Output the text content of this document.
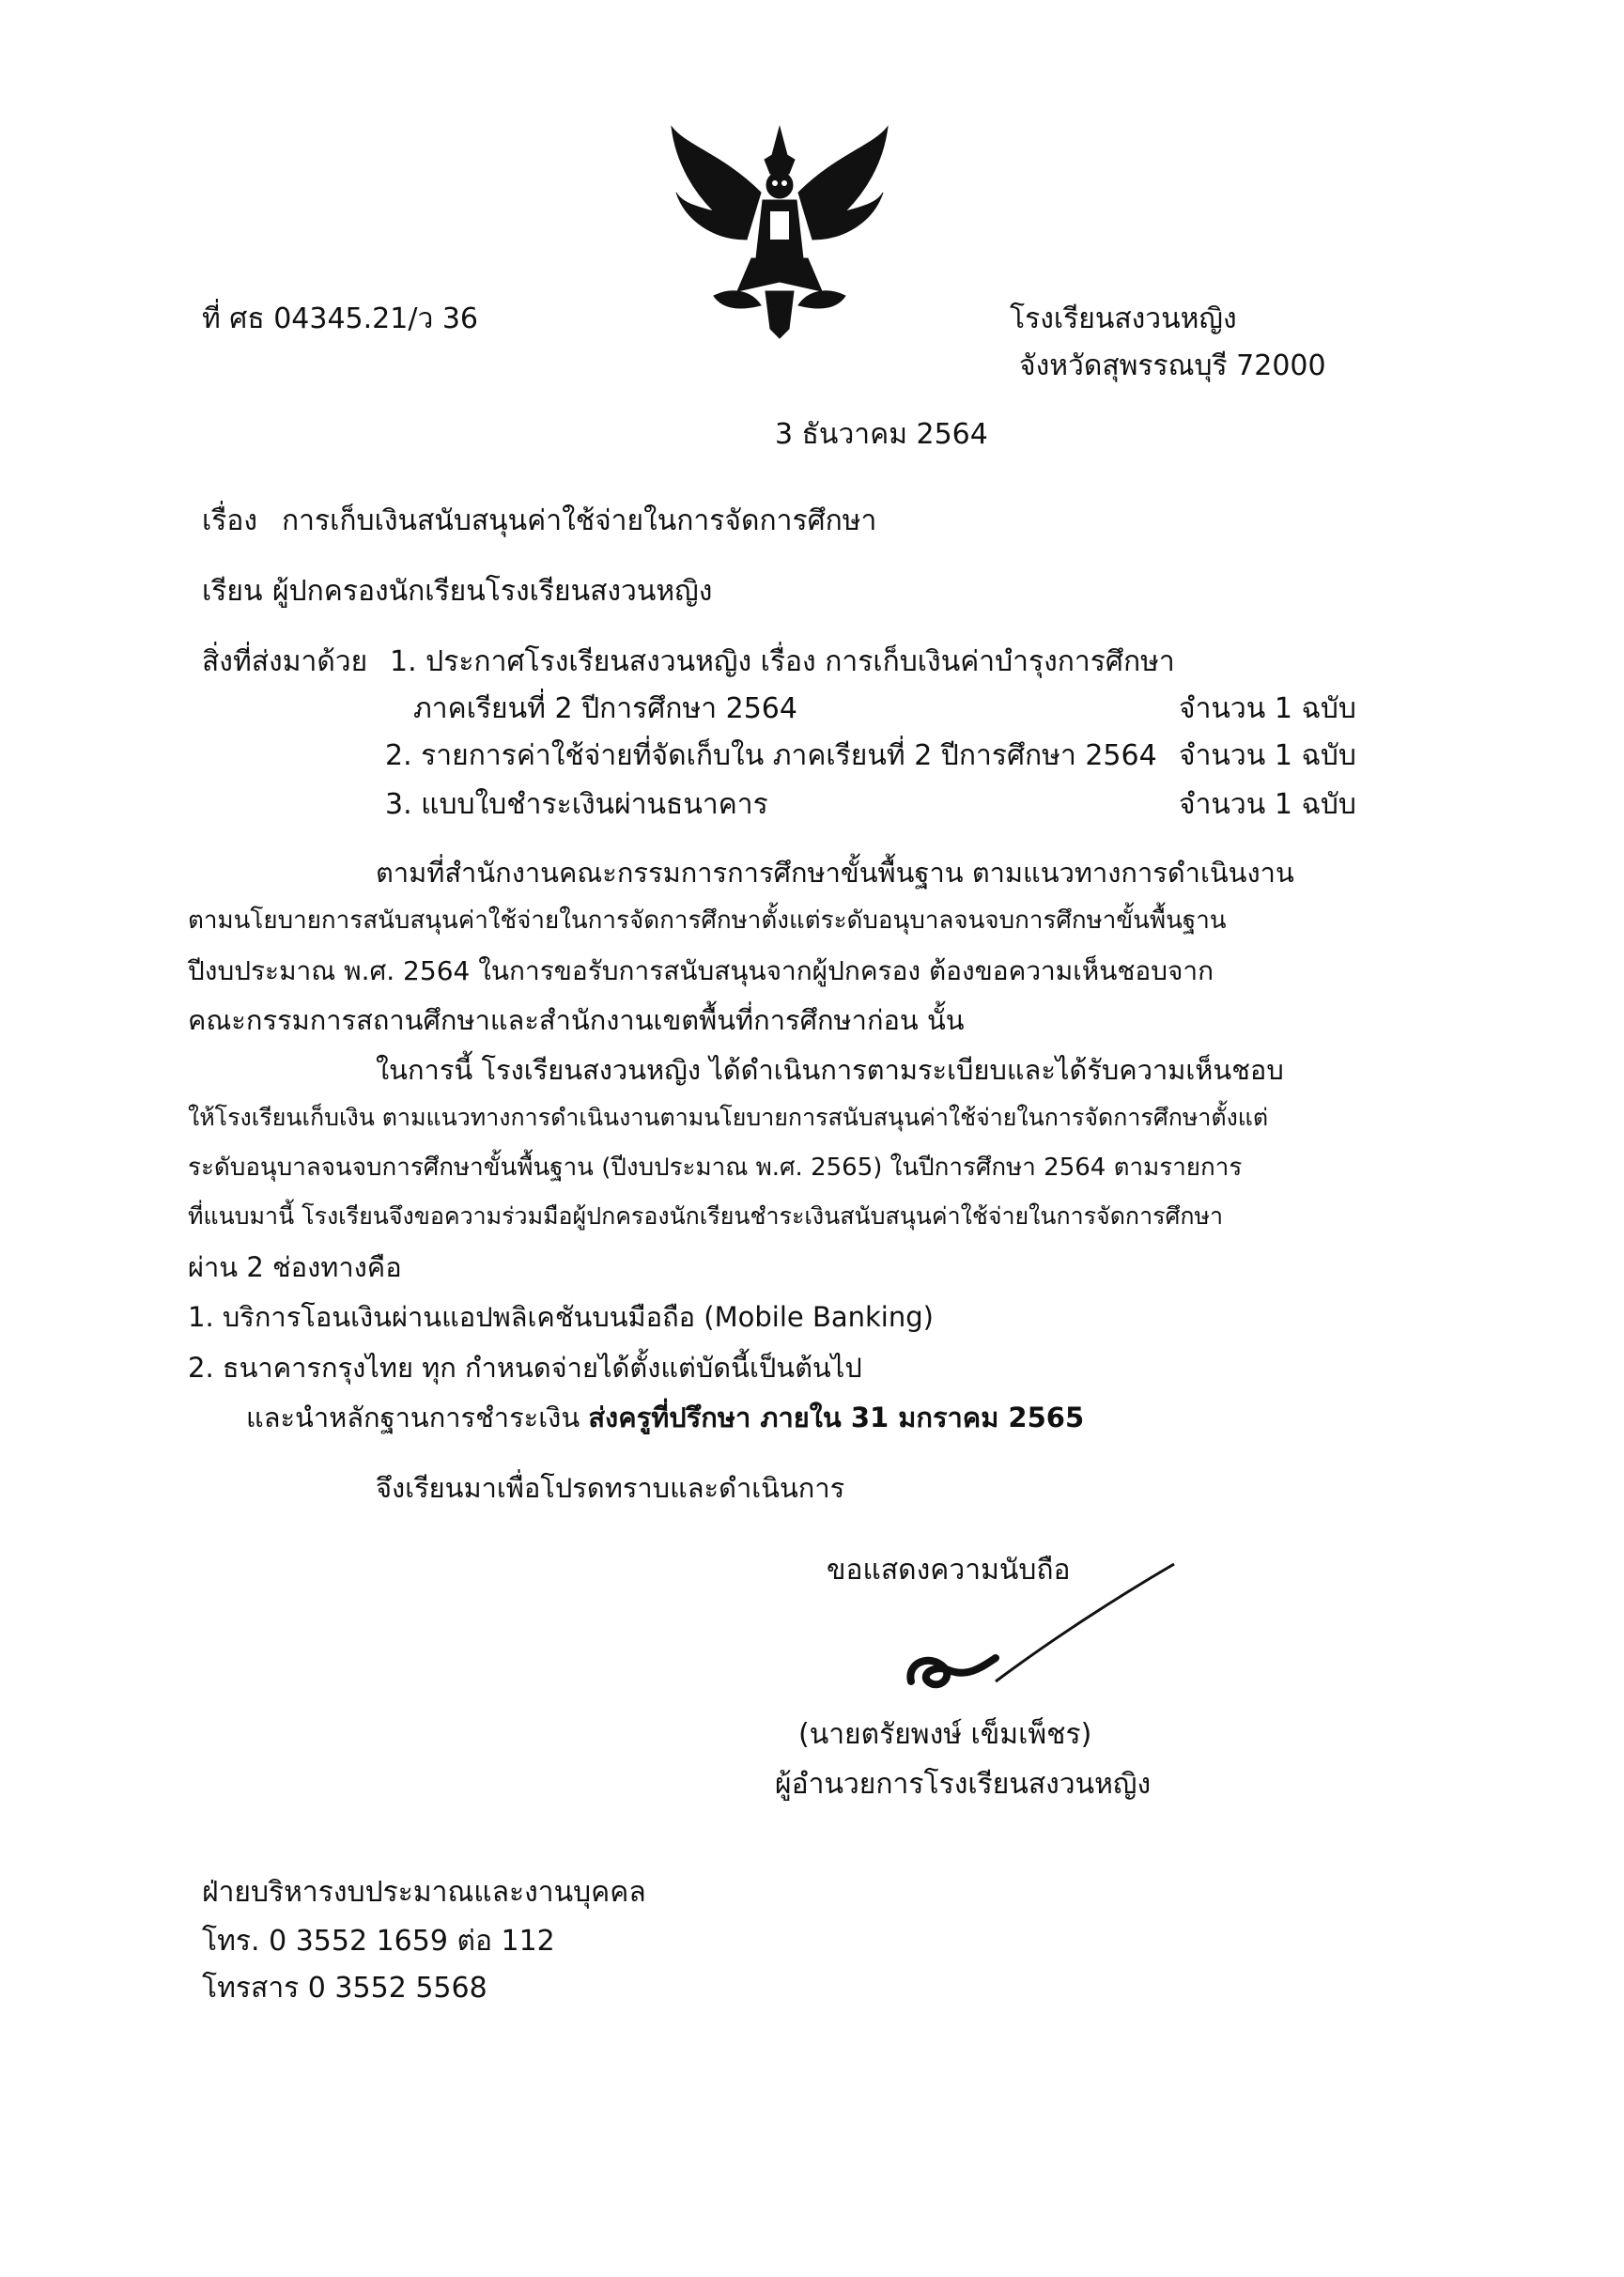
ที่ ศธ 04345.21/ว 36	โรงเรียนสงวนหญิง
จังหวัดสุพรรณบุรี 72000
3 ธันวาคม 2564
เรื่อง การเก็บเงินสนับสนุนค่าใช้จ่ายในการจัดการศึกษา
เรียน ผู้ปกครองนักเรียนโรงเรียนสงวนหญิง
สิ่งที่ส่งมาด้วย 1. ประกาศโรงเรียนสงวนหญิง เรื่อง การเก็บเงินค่าบำรุงการศึกษา
ภาคเรียนที่ 2 ปีการศึกษา 2564	จำนวน 1 ฉบับ
2. รายการค่าใช้จ่ายที่จัดเก็บใน ภาคเรียนที่ 2 ปีการศึกษา 2564 จำนวน 1 ฉบับ
3. แบบใบชำระเงินผ่านธนาคาร	จำนวน 1 ฉบับ
ตามที่สำนักงานคณะกรรมการการศึกษาขั้นพื้นฐาน ตามแนวทางการดำเนินงาน
ตามนโยบายการสนับสนุนค่าใช้จ่ายในการจัดการศึกษาตั้งแต่ระดับอนุบาลจนจบการศึกษาขั้นพื้นฐาน
ปีงบประมาณ พ.ศ. 2564 ในการขอรับการสนับสนุนจากผู้ปกครอง ต้องขอความเห็นชอบจาก
คณะกรรมการสถานศึกษาและสำนักงานเขตพื้นที่การศึกษาก่อน นั้น
ในการนี้ โรงเรียนสงวนหญิง ได้ดำเนินการตามระเบียบและได้รับความเห็นชอบ
ให้โรงเรียนเก็บเงิน ตามแนวทางการดำเนินงานตามนโยบายการสนับสนุนค่าใช้จ่ายในการจัดการศึกษาตั้งแต่
ระดับอนุบาลจนจบการศึกษาขั้นพื้นฐาน (ปีงบประมาณ พ.ศ. 2565) ในปีการศึกษา 2564 ตามรายการ
ที่แนบมานี้ โรงเรียนจึงขอความร่วมมือผู้ปกครองนักเรียนชำระเงินสนับสนุนค่าใช้จ่ายในการจัดการศึกษา
ผ่าน 2 ช่องทางคือ
1. บริการโอนเงินผ่านแอปพลิเคชันบนมือถือ (Mobile Banking)
2. ธนาคารกรุงไทย ทุก กำหนดจ่ายได้ตั้งแต่บัดนี้เป็นต้นไป
และนำหลักฐานการชำระเงิน ส่งครูที่ปรึกษา ภายใน 31 มกราคม 2565
จึงเรียนมาเพื่อโปรดทราบและดำเนินการ
ขอแสดงความนับถือ
(นายตรัยพงษ์ เข็มเพ็ชร)
ผู้อำนวยการโรงเรียนสงวนหญิง
ฝ่ายบริหารงบประมาณและงานบุคคล
โทร. 0 3552 1659 ต่อ 112
โทรสาร 0 3552 5568
